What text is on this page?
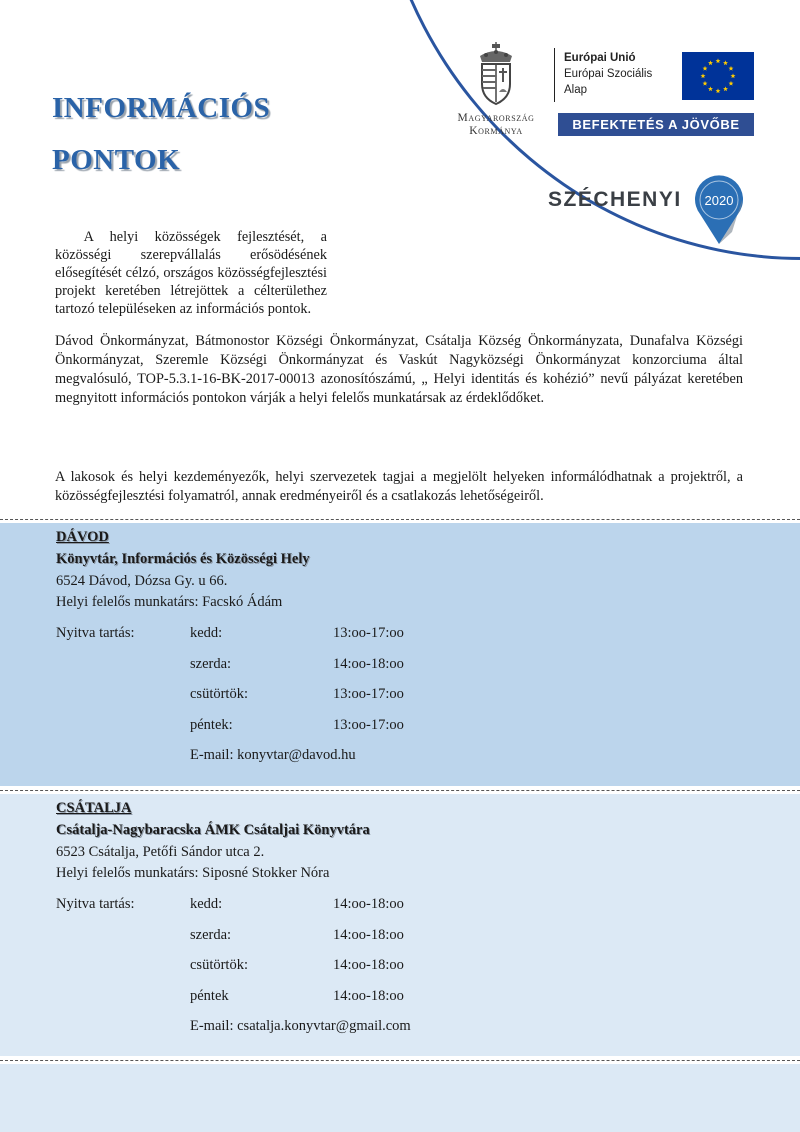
INFORMÁCIÓS
PONTOK
Magyarország
Kormánya
Európai Unió
Európai Szociális
Alap
BEFEKTETÉS A JÖVŐBE
SZÉCHENYI 2020
  A helyi közösségek fejlesztését, a közösségi szerepvállalás erősödésének elősegítését célzó, országos közösségfejlesztési projekt keretében létrejöttek a célterülethez tartozó településeken az információs pontok.
Dávod Önkormányzat, Bátmonostor Községi Önkormányzat, Csátalja Község Önkormányzata, Dunafalva Községi Önkormányzat, Szeremle Községi Önkormányzat és Vaskút Nagyközségi Önkormányzat konzorciuma által megvalósuló, TOP-5.3.1-16-BK-2017-00013 azonosítószámú, „ Helyi identitás és kohézió” nevű pályázat keretében megnyitott információs pontokon várják a helyi felelős munkatársak az érdeklődőket.
A lakosok és helyi kezdeményezők, helyi szervezetek tagjai a megjelölt helyeken informálódhatnak a projektről, a közösségfejlesztési folyamatról, annak eredményeiről és a csatlakozás lehetőségeiről.
DÁVOD
Könyvtár, Információs és Közösségi Hely
6524 Dávod, Dózsa Gy. u 66.
Helyi felelős munkatárs: Facskó Ádám
Nyitva tartás:	kedd:	13:oo-17:oo
szerda:	14:oo-18:oo
csütörtök:	13:oo-17:oo
péntek:	13:oo-17:oo
E-mail: konyvtar@davod.hu
CSÁTALJA
Csátalja-Nagybaracska ÁMK Csátaljai Könyvtára
6523 Csátalja, Petőfi Sándor utca 2.
Helyi felelős munkatárs: Siposné Stokker Nóra
Nyitva tartás:	kedd:	14:oo-18:oo
szerda:	14:oo-18:oo
csütörtök:	14:oo-18:oo
péntek	14:oo-18:oo
E-mail: csatalja.konyvtar@gmail.com
